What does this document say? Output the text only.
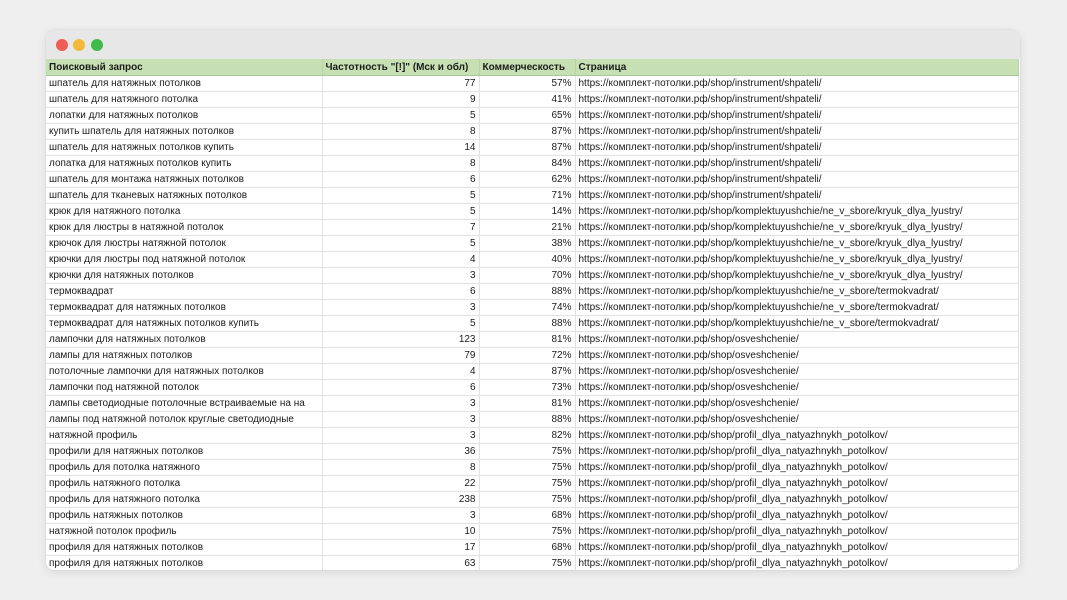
Поисковый запрос	Частотность "[!]" (Мск и обл)	Коммерческость	Страница
шпатель для натяжных потолков	77	57%	https://комплект-потолки.рф/shop/instrument/shpateli/
шпатель для натяжного потолка	9	41%	https://комплект-потолки.рф/shop/instrument/shpateli/
лопатки для натяжных потолков	5	65%	https://комплект-потолки.рф/shop/instrument/shpateli/
купить шпатель для натяжных потолков	8	87%	https://комплект-потолки.рф/shop/instrument/shpateli/
шпатель для натяжных потолков купить	14	87%	https://комплект-потолки.рф/shop/instrument/shpateli/
лопатка для натяжных потолков купить	8	84%	https://комплект-потолки.рф/shop/instrument/shpateli/
шпатель для монтажа натяжных потолков	6	62%	https://комплект-потолки.рф/shop/instrument/shpateli/
шпатель для тканевых натяжных потолков	5	71%	https://комплект-потолки.рф/shop/instrument/shpateli/
крюк для натяжного потолка	5	14%	https://комплект-потолки.рф/shop/komplektuyushchie/ne_v_sbore/kryuk_dlya_lyustry/
крюк для люстры в натяжной потолок	7	21%	https://комплект-потолки.рф/shop/komplektuyushchie/ne_v_sbore/kryuk_dlya_lyustry/
крючок для люстры натяжной потолок	5	38%	https://комплект-потолки.рф/shop/komplektuyushchie/ne_v_sbore/kryuk_dlya_lyustry/
крючки для люстры под натяжной потолок	4	40%	https://комплект-потолки.рф/shop/komplektuyushchie/ne_v_sbore/kryuk_dlya_lyustry/
крючки для натяжных потолков	3	70%	https://комплект-потолки.рф/shop/komplektuyushchie/ne_v_sbore/kryuk_dlya_lyustry/
термоквадрат	6	88%	https://комплект-потолки.рф/shop/komplektuyushchie/ne_v_sbore/termokvadrat/
термоквадрат для натяжных потолков	3	74%	https://комплект-потолки.рф/shop/komplektuyushchie/ne_v_sbore/termokvadrat/
термоквадрат для натяжных потолков купить	5	88%	https://комплект-потолки.рф/shop/komplektuyushchie/ne_v_sbore/termokvadrat/
лампочки для натяжных потолков	123	81%	https://комплект-потолки.рф/shop/osveshchenie/
лампы для натяжных потолков	79	72%	https://комплект-потолки.рф/shop/osveshchenie/
потолочные лампочки для натяжных потолков	4	87%	https://комплект-потолки.рф/shop/osveshchenie/
лампочки под натяжной потолок	6	73%	https://комплект-потолки.рф/shop/osveshchenie/
лампы светодиодные потолочные встраиваемые на на	3	81%	https://комплект-потолки.рф/shop/osveshchenie/
лампы под натяжной потолок круглые светодиодные	3	88%	https://комплект-потолки.рф/shop/osveshchenie/
натяжной профиль	3	82%	https://комплект-потолки.рф/shop/profil_dlya_natyazhnykh_potolkov/
профили для натяжных потолков	36	75%	https://комплект-потолки.рф/shop/profil_dlya_natyazhnykh_potolkov/
профиль для потолка натяжного	8	75%	https://комплект-потолки.рф/shop/profil_dlya_natyazhnykh_potolkov/
профиль натяжного потолка	22	75%	https://комплект-потолки.рф/shop/profil_dlya_natyazhnykh_potolkov/
профиль для натяжного потолка	238	75%	https://комплект-потолки.рф/shop/profil_dlya_natyazhnykh_potolkov/
профиль натяжных потолков	3	68%	https://комплект-потолки.рф/shop/profil_dlya_natyazhnykh_potolkov/
натяжной потолок профиль	10	75%	https://комплект-потолки.рф/shop/profil_dlya_natyazhnykh_potolkov/
профиля для натяжных потолков	17	68%	https://комплект-потолки.рф/shop/profil_dlya_natyazhnykh_potolkov/
профиля для натяжных потолков	63	75%	https://комплект-потолки.рф/shop/profil_dlya_natyazhnykh_potolkov/
